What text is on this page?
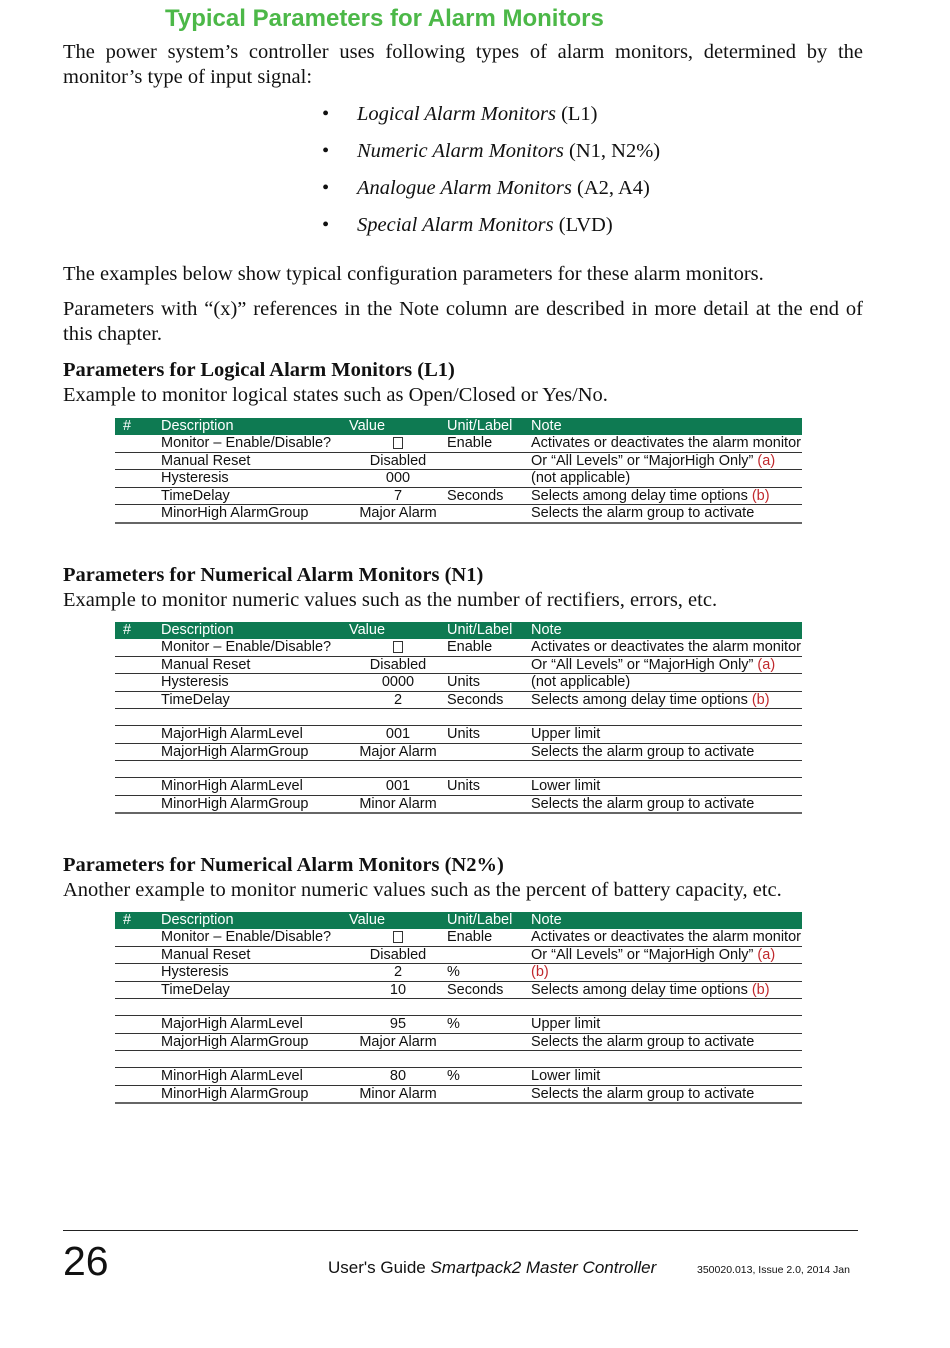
Typical Parameters for Alarm Monitors

The power system’s controller uses following types of alarm monitors, determined by the monitor’s type of input signal:

• Logical Alarm Monitors (L1)
• Numeric Alarm Monitors (N1, N2%)
• Analogue Alarm Monitors (A2, A4)
• Special Alarm Monitors (LVD)

The examples below show typical configuration parameters for these alarm monitors.

Parameters with “(x)” references in the Note column are described in more detail at the end of this chapter.

Parameters for Logical Alarm Monitors (L1)

Example to monitor logical states such as Open/Closed or Yes/No.

#	Description	Value	Unit/Label	Note
	Monitor – Enable/Disable?		Enable	Activates or deactivates the alarm monitor
	Manual Reset	Disabled		Or “All Levels” or “MajorHigh Only” (a)
	Hysteresis	000		(not applicable)
	TimeDelay	7	Seconds	Selects among delay time options (b)
	MinorHigh AlarmGroup	Major Alarm		Selects the alarm group to activate
Parameters for Numerical Alarm Monitors (N1)

Example to monitor numeric values such as the number of rectifiers, errors, etc.

#	Description	Value	Unit/Label	Note
	Monitor – Enable/Disable?		Enable	Activates or deactivates the alarm monitor
	Manual Reset	Disabled		Or “All Levels” or “MajorHigh Only” (a)
	Hysteresis	0000	Units	(not applicable)
	TimeDelay	2	Seconds	Selects among delay time options (b)

	MajorHigh AlarmLevel	001	Units	Upper limit
	MajorHigh AlarmGroup	Major Alarm		Selects the alarm group to activate

	MinorHigh AlarmLevel	001	Units	Lower limit
	MinorHigh AlarmGroup	Minor Alarm		Selects the alarm group to activate
Parameters for Numerical Alarm Monitors (N2%)

Another example to monitor numeric values such as the percent of battery capacity, etc.

#	Description	Value	Unit/Label	Note
	Monitor – Enable/Disable?		Enable	Activates or deactivates the alarm monitor
	Manual Reset	Disabled		Or “All Levels” or “MajorHigh Only” (a)
	Hysteresis	2	%	(b)
	TimeDelay	10	Seconds	Selects among delay time options (b)

	MajorHigh AlarmLevel	95	%	Upper limit
	MajorHigh AlarmGroup	Major Alarm		Selects the alarm group to activate

	MinorHigh AlarmLevel	80	%	Lower limit
	MinorHigh AlarmGroup	Minor Alarm		Selects the alarm group to activate
26	User's Guide Smartpack2 Master Controller	350020.013, Issue 2.0, 2014 Jan
